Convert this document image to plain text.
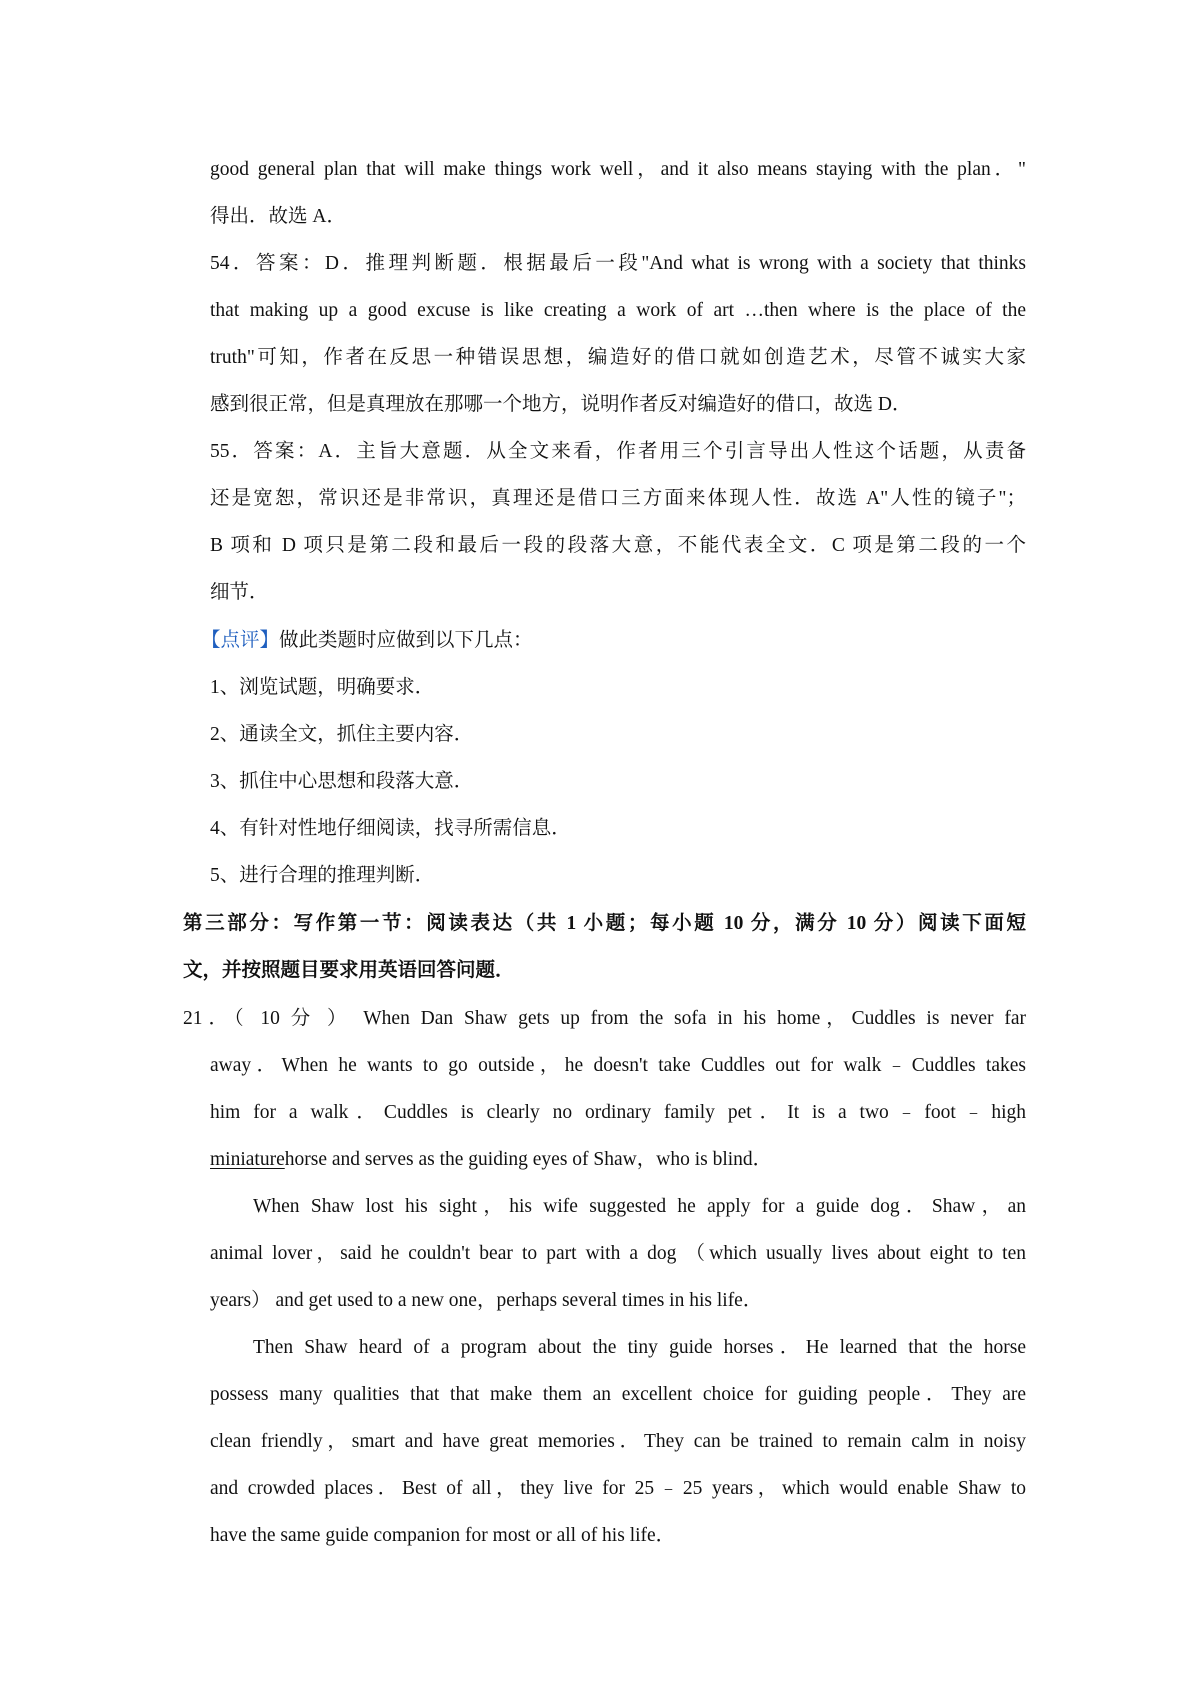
good general plan that will make things work well，and it also means staying with the plan．"
得出．故选 A．
54．答案：D．推理判断题．根据最后一段"And what is wrong with a society that thinks
that making up a good excuse is like creating a work of art …then where is the place of the
truth"可知，作者在反思一种错误思想，编造好的借口就如创造艺术，尽管不诚实大家
感到很正常，但是真理放在那哪一个地方，说明作者反对编造好的借口，故选 D．
55．答案：A．主旨大意题．从全文来看，作者用三个引言导出人性这个话题，从责备
还是宽恕，常识还是非常识，真理还是借口三方面来体现人性．故选 A"人性的镜子"；
B 项和 D 项只是第二段和最后一段的段落大意，不能代表全文．C 项是第二段的一个
细节．
【点评】做此类题时应做到以下几点：
1、浏览试题，明确要求．
2、通读全文，抓住主要内容．
3、抓住中心思想和段落大意．
4、有针对性地仔细阅读，找寻所需信息．
5、进行合理的推理判断．
第三部分：写作第一节：阅读表达（共 1 小题；每小题 10 分，满分 10 分）阅读下面短
文，并按照题目要求用英语回答问题．
21．（ 10 分 ） When Dan Shaw gets up from the sofa in his home，Cuddles is never far
away．When he wants to go outside，he doesn't take Cuddles out for walk﹣Cuddles takes
him for a walk．Cuddles is clearly no ordinary family pet．It is a two﹣foot﹣high
miniaturehorse and serves as the guiding eyes of Shaw，who is blind．
When Shaw lost his sight，his wife suggested he apply for a guide dog．Shaw，an
animal lover，said he couldn't bear to part with a dog （which usually lives about eight to ten
years） and get used to a new one，perhaps several times in his life．
Then Shaw heard of a program about the tiny guide horses．He learned that the horse
possess many qualities that that make them an excellent choice for guiding people．They are
clean friendly，smart and have great memories．They can be trained to remain calm in noisy
and crowded places．Best of all，they live for 25﹣25 years，which would enable Shaw to
have the same guide companion for most or all of his life．
